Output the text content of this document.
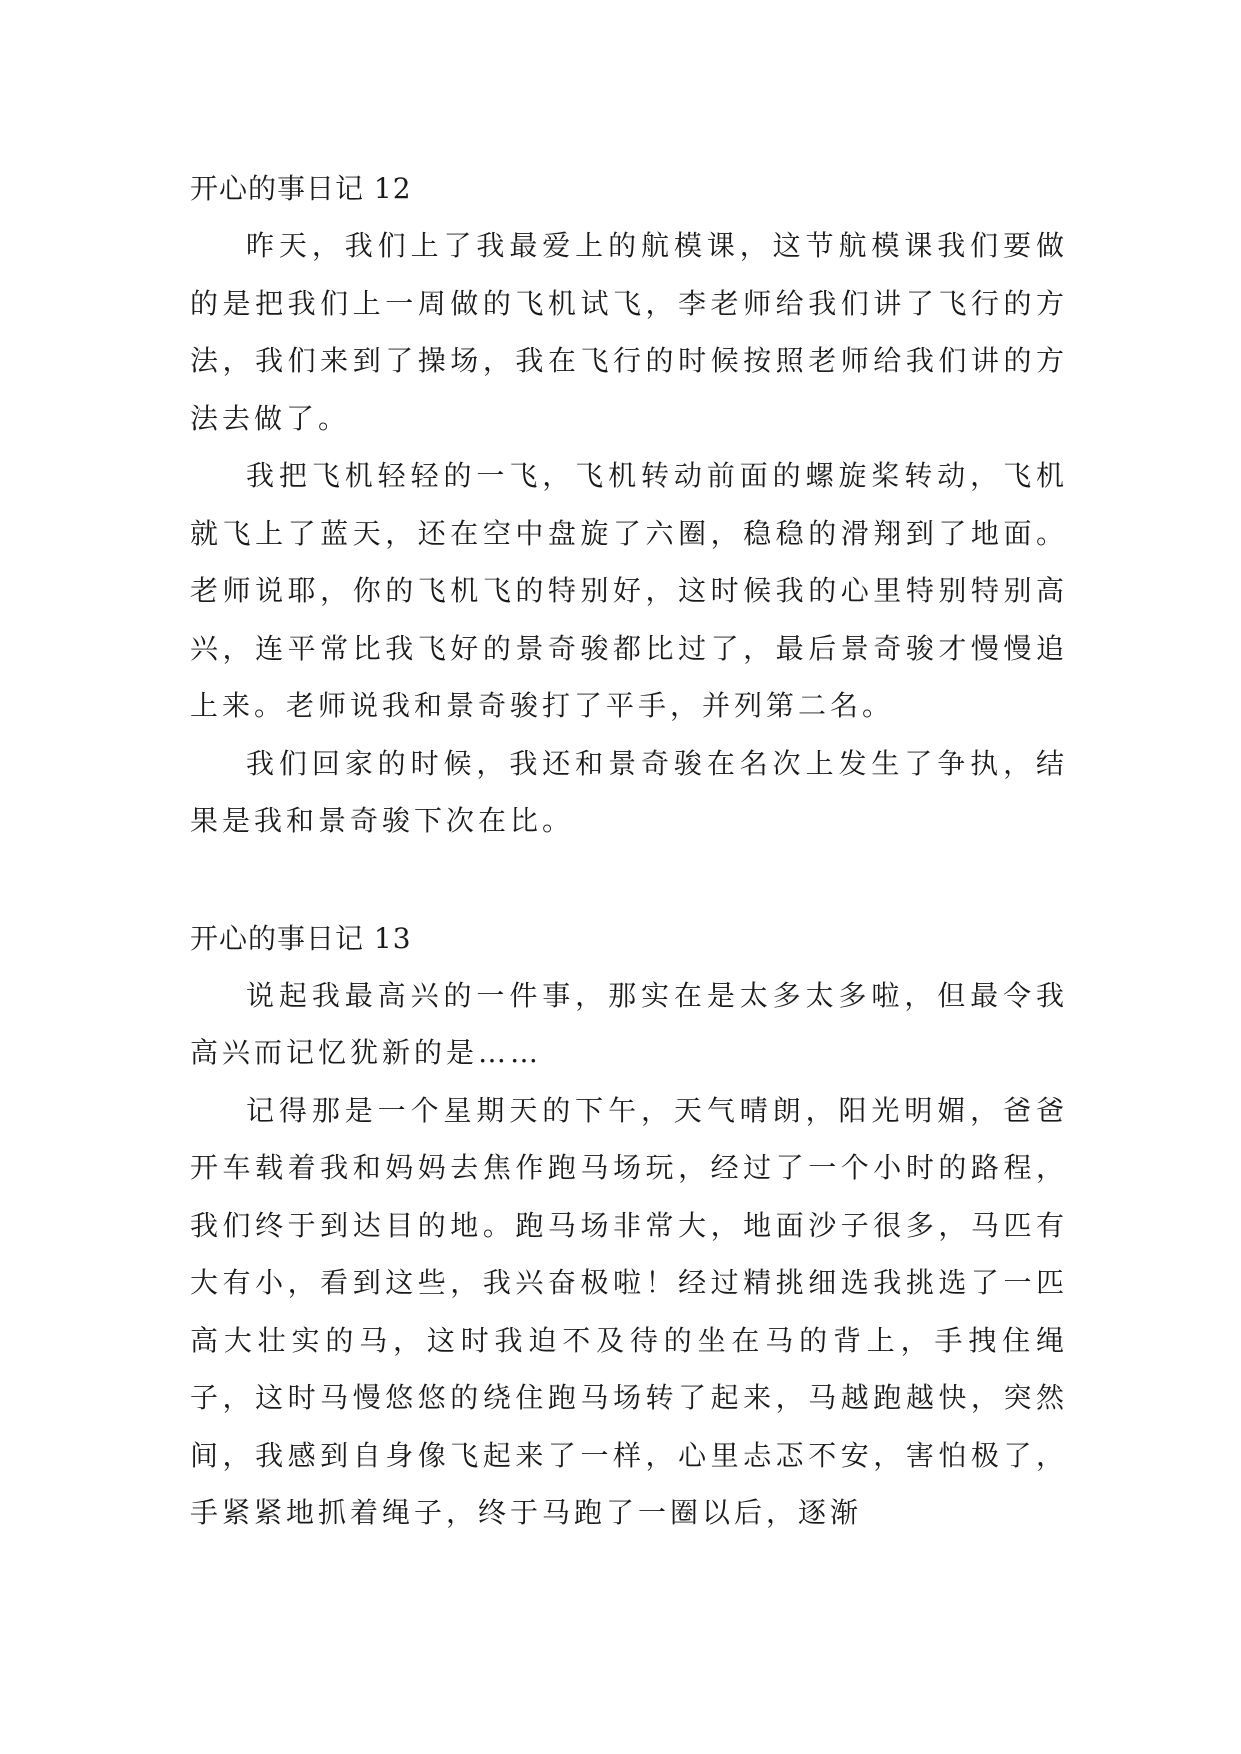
开心的事日记 12

昨天，我们上了我最爱上的航模课，这节航模课我们要做的是把我们上一周做的飞机试飞，李老师给我们讲了飞行的方法，我们来到了操场，我在飞行的时候按照老师给我们讲的方法去做了。

我把飞机轻轻的一飞，飞机转动前面的螺旋桨转动，飞机就飞上了蓝天，还在空中盘旋了六圈，稳稳的滑翔到了地面。老师说耶，你的飞机飞的特别好，这时候我的心里特别特别高兴，连平常比我飞好的景奇骏都比过了，最后景奇骏才慢慢追上来。老师说我和景奇骏打了平手，并列第二名。

我们回家的时候，我还和景奇骏在名次上发生了争执，结果是我和景奇骏下次在比。

开心的事日记 13

说起我最高兴的一件事，那实在是太多太多啦，但最令我高兴而记忆犹新的是……

记得那是一个星期天的下午，天气晴朗，阳光明媚，爸爸开车载着我和妈妈去焦作跑马场玩，经过了一个小时的路程，我们终于到达目的地。跑马场非常大，地面沙子很多，马匹有大有小，看到这些，我兴奋极啦！经过精挑细选我挑选了一匹高大壮实的马，这时我迫不及待的坐在马的背上，手拽住绳子，这时马慢悠悠的绕住跑马场转了起来，马越跑越快，突然间，我感到自身像飞起来了一样，心里忐忑不安，害怕极了，手紧紧地抓着绳子，终于马跑了一圈以后，逐渐
